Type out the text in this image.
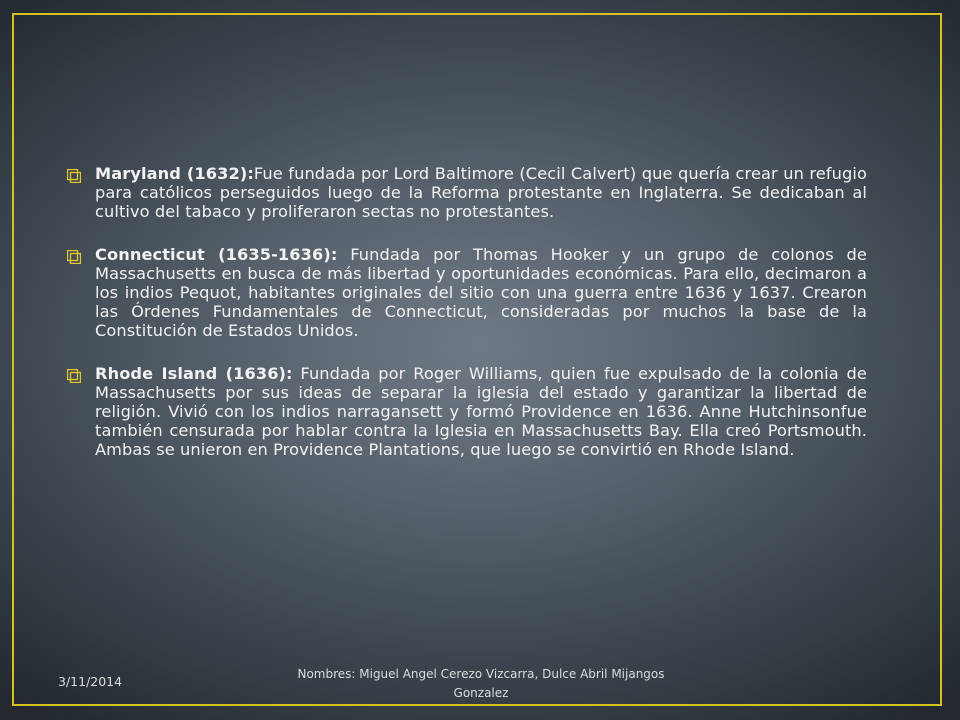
Maryland (1632):Fue fundada por Lord Baltimore (Cecil Calvert) que quería crear un refugio para católicos perseguidos luego de la Reforma protestante en Inglaterra. Se dedicaban al cultivo del tabaco y proliferaron sectas no protestantes.
Connecticut (1635-1636): Fundada por Thomas Hooker y un grupo de colonos de Massachusetts en busca de más libertad y oportunidades económicas. Para ello, decimaron a los indios Pequot, habitantes originales del sitio con una guerra entre 1636 y 1637. Crearon las Órdenes Fundamentales de Connecticut, consideradas por muchos la base de la Constitución de Estados Unidos.
Rhode Island (1636): Fundada por Roger Williams, quien fue expulsado de la colonia de Massachusetts por sus ideas de separar la iglesia del estado y garantizar la libertad de religión. Vivió con los indios narragansett y formó Providence en 1636. Anne Hutchinsonfue también censurada por hablar contra la Iglesia en Massachusetts Bay. Ella creó Portsmouth. Ambas se unieron en Providence Plantations, que luego se convirtió en Rhode Island.
3/11/2014	Nombres: Miguel Angel Cerezo Vizcarra, Dulce Abril Mijangos Gonzalez
